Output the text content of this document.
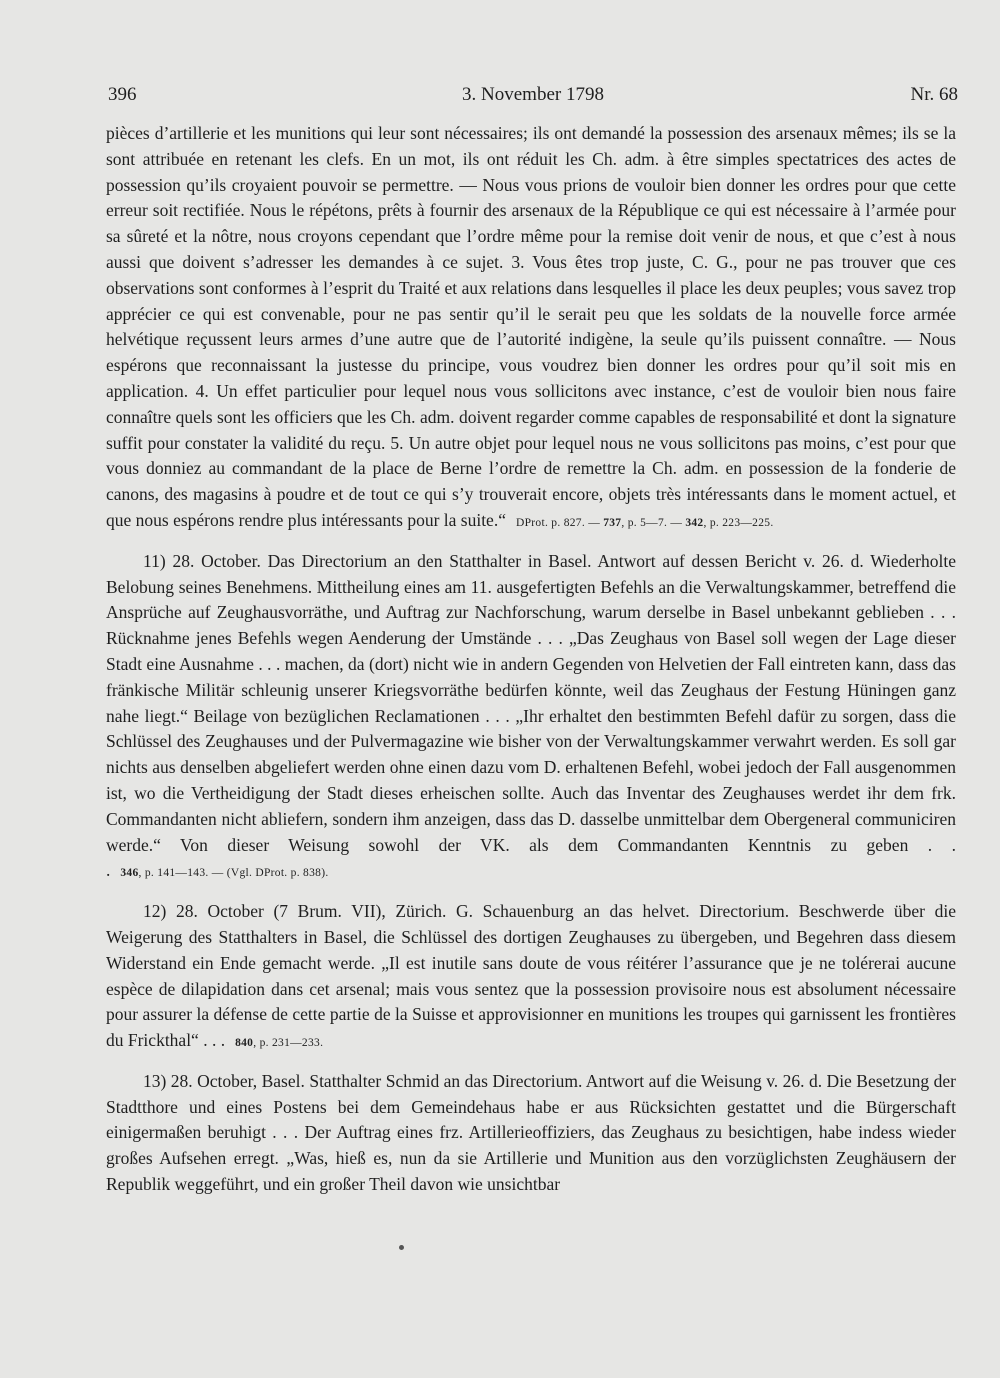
396	3. November 1798	Nr. 68

pièces d’artillerie et les munitions qui leur sont nécessaires; ils ont demandé la possession des arsenaux mêmes; ils se la sont attribuée en retenant les clefs. En un mot, ils ont réduit les Ch. adm. à être simples spectatrices des actes de possession qu’ils croyaient pouvoir se permettre. — Nous vous prions de vouloir bien donner les ordres pour que cette erreur soit rectifiée. Nous le répétons, prêts à fournir des arsenaux de la République ce qui est nécessaire à l’armée pour sa sûreté et la nôtre, nous croyons cependant que l’ordre même pour la remise doit venir de nous, et que c’est à nous aussi que doivent s’adresser les demandes à ce sujet. 3. Vous êtes trop juste, C. G., pour ne pas trouver que ces observations sont conformes à l’esprit du Traité et aux relations dans lesquelles il place les deux peuples; vous savez trop apprécier ce qui est convenable, pour ne pas sentir qu’il le serait peu que les soldats de la nouvelle force armée helvétique reçussent leurs armes d’une autre que de l’autorité indigène, la seule qu’ils puissent connaître. — Nous espérons que reconnaissant la justesse du principe, vous voudrez bien donner les ordres pour qu’il soit mis en application. 4. Un effet particulier pour lequel nous vous sollicitons avec instance, c’est de vouloir bien nous faire connaître quels sont les officiers que les Ch. adm. doivent regarder comme capables de responsabilité et dont la signature suffit pour constater la validité du reçu. 5. Un autre objet pour lequel nous ne vous sollicitons pas moins, c’est pour que vous donniez au commandant de la place de Berne l’ordre de remettre la Ch. adm. en possession de la fonderie de canons, des magasins à poudre et de tout ce qui s’y trouverait encore, objets très intéressants dans le moment actuel, et que nous espérons rendre plus intéressants pour la suite.“ DProt. p. 827. — 737, p. 5—7. — 342, p. 223—225.

11) 28. October. Das Directorium an den Statthalter in Basel. Antwort auf dessen Bericht v. 26. d. Wiederholte Belobung seines Benehmens. Mittheilung eines am 11. ausgefertigten Befehls an die Verwaltungskammer, betreffend die Ansprüche auf Zeughausvorräthe, und Auftrag zur Nachforschung, warum derselbe in Basel unbekannt geblieben . . . Rücknahme jenes Befehls wegen Aenderung der Umstände . . . „Das Zeughaus von Basel soll wegen der Lage dieser Stadt eine Ausnahme . . . machen, da (dort) nicht wie in andern Gegenden von Helvetien der Fall eintreten kann, dass das fränkische Militär schleunig unserer Kriegsvorräthe bedürfen könnte, weil das Zeughaus der Festung Hüningen ganz nahe liegt.“ Beilage von bezüglichen Reclamationen . . . „Ihr erhaltet den bestimmten Befehl dafür zu sorgen, dass die Schlüssel des Zeughauses und der Pulvermagazine wie bisher von der Verwaltungskammer verwahrt werden. Es soll gar nichts aus denselben abgeliefert werden ohne einen dazu vom D. erhaltenen Befehl, wobei jedoch der Fall ausgenommen ist, wo die Vertheidigung der Stadt dieses erheischen sollte. Auch das Inventar des Zeughauses werdet ihr dem frk. Commandanten nicht abliefern, sondern ihm anzeigen, dass das D. dasselbe unmittelbar dem Obergeneral communiciren werde.“ Von dieser Weisung sowohl der VK. als dem Commandanten Kenntnis zu geben . . . 346, p. 141—143. — (Vgl. DProt. p. 838).

12) 28. October (7 Brum. VII), Zürich. G. Schauenburg an das helvet. Directorium. Beschwerde über die Weigerung des Statthalters in Basel, die Schlüssel des dortigen Zeughauses zu übergeben, und Begehren dass diesem Widerstand ein Ende gemacht werde. „Il est inutile sans doute de vous réitérer l’assurance que je ne tolérerai aucune espèce de dilapidation dans cet arsenal; mais vous sentez que la possession provisoire nous est absolument nécessaire pour assurer la défense de cette partie de la Suisse et approvisionner en munitions les troupes qui garnissent les frontières du Frickthal“ . . . 840, p. 231—233.

13) 28. October, Basel. Statthalter Schmid an das Directorium. Antwort auf die Weisung v. 26. d. Die Besetzung der Stadtthore und eines Postens bei dem Gemeindehaus habe er aus Rücksichten gestattet und die Bürgerschaft einigermaßen beruhigt . . . Der Auftrag eines frz. Artillerieoffiziers, das Zeughaus zu besichtigen, habe indess wieder großes Aufsehen erregt. „Was, hieß es, nun da sie Artillerie und Munition aus den vorzüglichsten Zeughäusern der Republik weggeführt, und ein großer Theil davon wie unsichtbar
